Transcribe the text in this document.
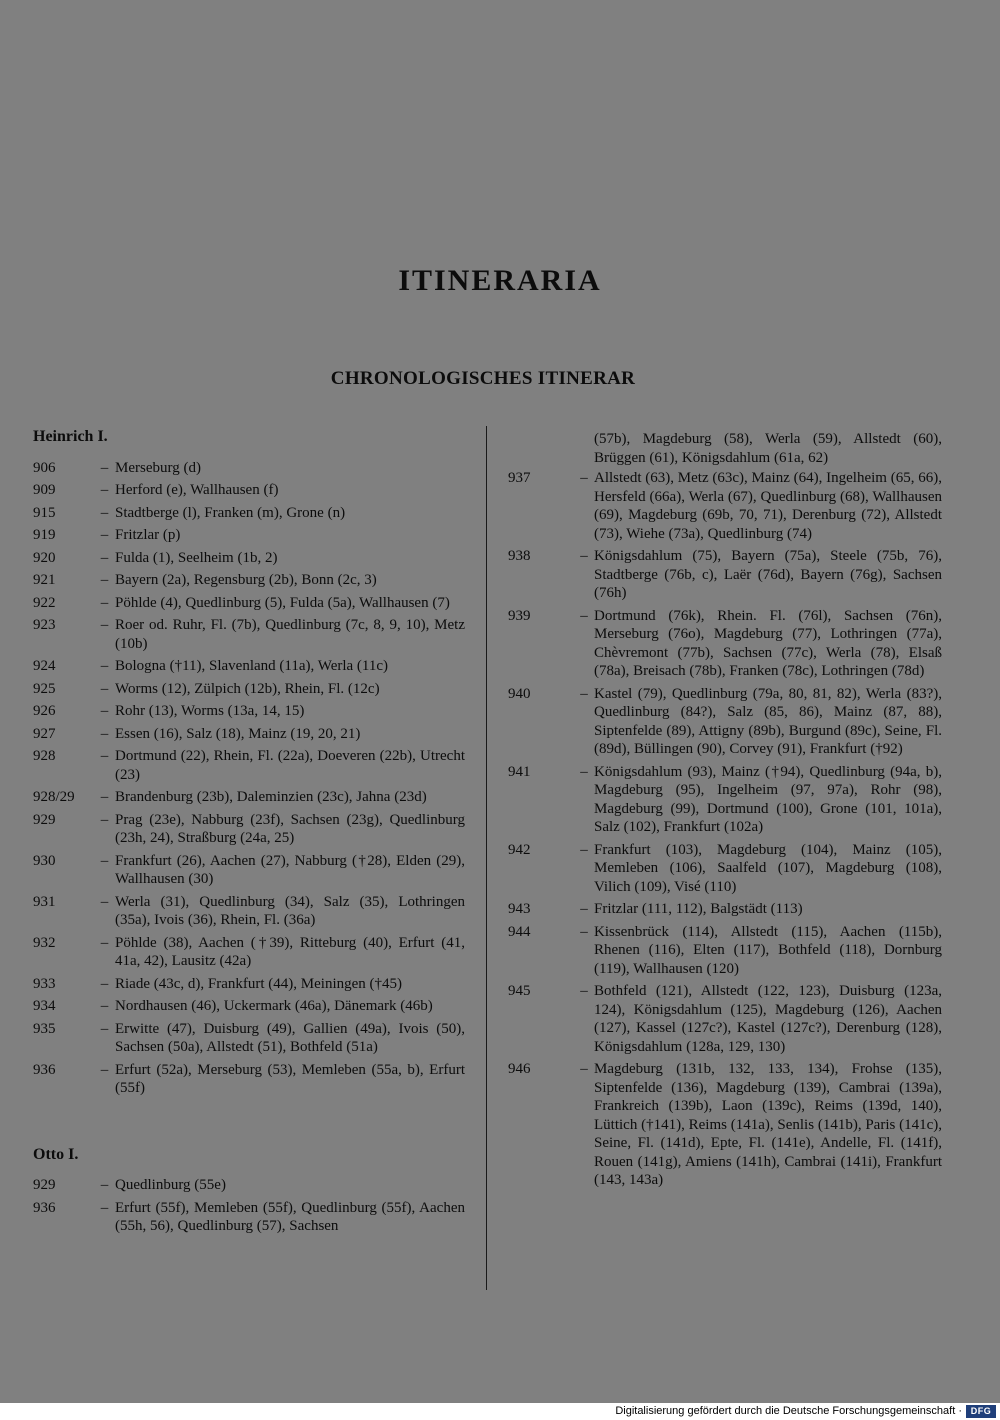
ITINERARIA
CHRONOLOGISCHES ITINERAR
Heinrich I.
906	– Merseburg (d)
909	– Herford (e), Wallhausen (f)
915	– Stadtberge (l), Franken (m), Grone (n)
919	– Fritzlar (p)
920	– Fulda (1), Seelheim (1b, 2)
921	– Bayern (2a), Regensburg (2b), Bonn (2c, 3)
922	– Pöhlde (4), Quedlinburg (5), Fulda (5a), Wallhausen (7)
923	– Roer od. Ruhr, Fl. (7b), Quedlinburg (7c, 8, 9, 10), Metz (10b)
924	– Bologna (†11), Slavenland (11a), Werla (11c)
925	– Worms (12), Zülpich (12b), Rhein, Fl. (12c)
926	– Rohr (13), Worms (13a, 14, 15)
927	– Essen (16), Salz (18), Mainz (19, 20, 21)
928	– Dortmund (22), Rhein, Fl. (22a), Doeveren (22b), Utrecht (23)
928/29	– Brandenburg (23b), Daleminzien (23c), Jahna (23d)
929	– Prag (23e), Nabburg (23f), Sachsen (23g), Quedlinburg (23h, 24), Straßburg (24a, 25)
930	– Frankfurt (26), Aachen (27), Nabburg (†28), Elden (29), Wallhausen (30)
931	– Werla (31), Quedlinburg (34), Salz (35), Lothringen (35a), Ivois (36), Rhein, Fl. (36a)
932	– Pöhlde (38), Aachen (†39), Ritteburg (40), Erfurt (41, 41a, 42), Lausitz (42a)
933	– Riade (43c, d), Frankfurt (44), Meiningen (†45)
934	– Nordhausen (46), Uckermark (46a), Dänemark (46b)
935	– Erwitte (47), Duisburg (49), Gallien (49a), Ivois (50), Sachsen (50a), Allstedt (51), Bothfeld (51a)
936	– Erfurt (52a), Merseburg (53), Memleben (55a, b), Erfurt (55f)
Otto I.
929	– Quedlinburg (55e)
936	– Erfurt (55f), Memleben (55f), Quedlinburg (55f), Aachen (55h, 56), Quedlinburg (57), Sachsen
(57b), Magdeburg (58), Werla (59), Allstedt (60), Brüggen (61), Königsdahlum (61a, 62)
937	– Allstedt (63), Metz (63c), Mainz (64), Ingelheim (65, 66), Hersfeld (66a), Werla (67), Quedlinburg (68), Wallhausen (69), Magdeburg (69b, 70, 71), Derenburg (72), Allstedt (73), Wiehe (73a), Quedlinburg (74)
938	– Königsdahlum (75), Bayern (75a), Steele (75b, 76), Stadtberge (76b, c), Laër (76d), Bayern (76g), Sachsen (76h)
939	– Dortmund (76k), Rhein. Fl. (76l), Sachsen (76n), Merseburg (76o), Magdeburg (77), Lothringen (77a), Chèvremont (77b), Sachsen (77c), Werla (78), Elsaß (78a), Breisach (78b), Franken (78c), Lothringen (78d)
940	– Kastel (79), Quedlinburg (79a, 80, 81, 82), Werla (83?), Quedlinburg (84?), Salz (85, 86), Mainz (87, 88), Siptenfelde (89), Attigny (89b), Burgund (89c), Seine, Fl. (89d), Büllingen (90), Corvey (91), Frankfurt (†92)
941	– Königsdahlum (93), Mainz (†94), Quedlinburg (94a, b), Magdeburg (95), Ingelheim (97, 97a), Rohr (98), Magdeburg (99), Dortmund (100), Grone (101, 101a), Salz (102), Frankfurt (102a)
942	– Frankfurt (103), Magdeburg (104), Mainz (105), Memleben (106), Saalfeld (107), Magdeburg (108), Vilich (109), Visé (110)
943	– Fritzlar (111, 112), Balgstädt (113)
944	– Kissenbrück (114), Allstedt (115), Aachen (115b), Rhenen (116), Elten (117), Bothfeld (118), Dornburg (119), Wallhausen (120)
945	– Bothfeld (121), Allstedt (122, 123), Duisburg (123a, 124), Königsdahlum (125), Magdeburg (126), Aachen (127), Kassel (127c?), Kastel (127c?), Derenburg (128), Königsdahlum (128a, 129, 130)
946	– Magdeburg (131b, 132, 133, 134), Frohse (135), Siptenfelde (136), Magdeburg (139), Cambrai (139a), Frankreich (139b), Laon (139c), Reims (139d, 140), Lüttich (†141), Reims (141a), Senlis (141b), Paris (141c), Seine, Fl. (141d), Epte, Fl. (141e), Andelle, Fl. (141f), Rouen (141g), Amiens (141h), Cambrai (141i), Frankfurt (143, 143a)
Digitalisierung gefördert durch die Deutsche Forschungsgemeinschaft · DFG
